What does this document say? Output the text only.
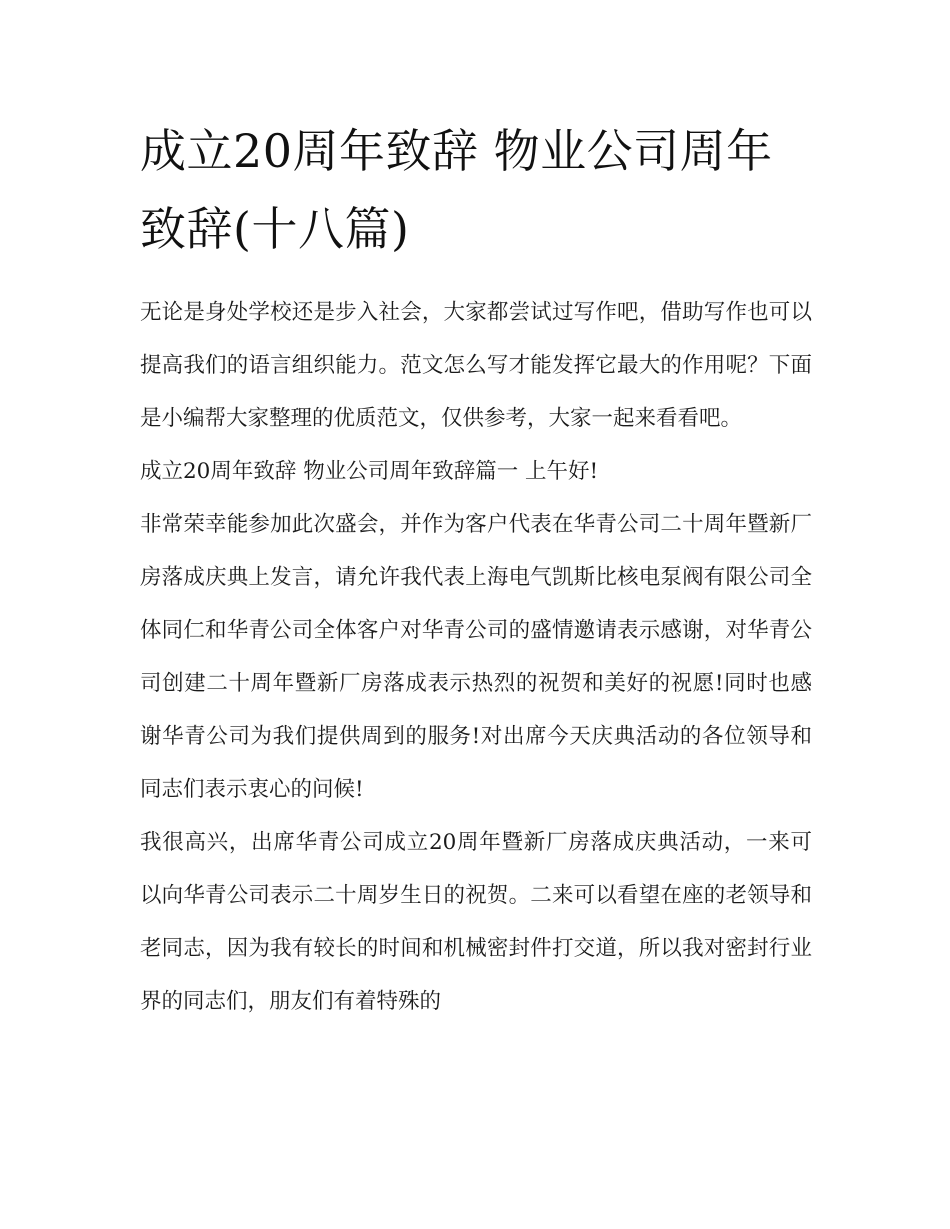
成立20周年致辞 物业公司周年致辞(十八篇)

无论是身处学校还是步入社会，大家都尝试过写作吧，借助写作也可以提高我们的语言组织能力。范文怎么写才能发挥它最大的作用呢？下面是小编帮大家整理的优质范文，仅供参考，大家一起来看看吧。

成立20周年致辞 物业公司周年致辞篇一 上午好!

非常荣幸能参加此次盛会，并作为客户代表在华青公司二十周年暨新厂房落成庆典上发言，请允许我代表上海电气凯斯比核电泵阀有限公司全体同仁和华青公司全体客户对华青公司的盛情邀请表示感谢，对华青公司创建二十周年暨新厂房落成表示热烈的祝贺和美好的祝愿!同时也感谢华青公司为我们提供周到的服务!对出席今天庆典活动的各位领导和同志们表示衷心的问候!

我很高兴，出席华青公司成立20周年暨新厂房落成庆典活动，一来可以向华青公司表示二十周岁生日的祝贺。二来可以看望在座的老领导和老同志，因为我有较长的时间和机械密封件打交道，所以我对密封行业界的同志们，朋友们有着特殊的
